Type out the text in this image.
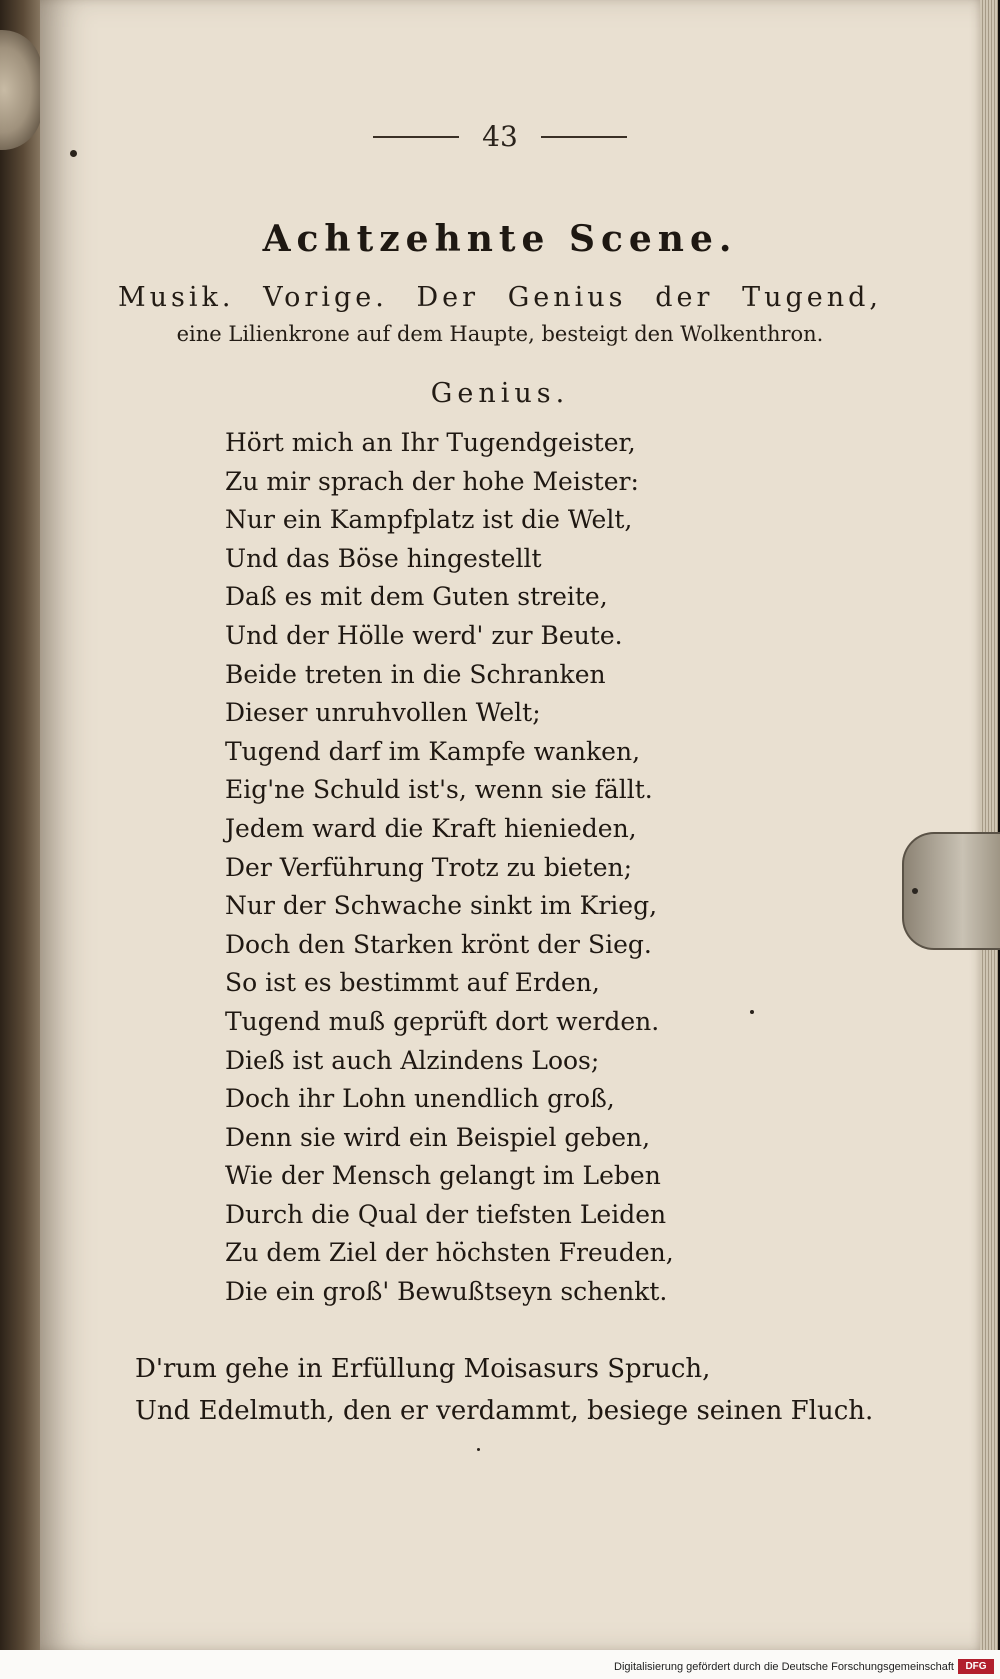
43
Achtzehnte Scene.
Musik. Vorige. Der Genius der Tugend,
eine Lilienkrone auf dem Haupte, besteigt den Wolkenthron.
Genius.
Hört mich an Ihr Tugendgeister,
Zu mir sprach der hohe Meister:
Nur ein Kampfplatz ist die Welt,
Und das Böse hingestellt
Daß es mit dem Guten streite,
Und der Hölle werd' zur Beute.
Beide treten in die Schranken
Dieser unruhvollen Welt;
Tugend darf im Kampfe wanken,
Eig'ne Schuld ist's, wenn sie fällt.
Jedem ward die Kraft hienieden,
Der Verführung Trotz zu bieten;
Nur der Schwache sinkt im Krieg,
Doch den Starken krönt der Sieg.
So ist es bestimmt auf Erden,
Tugend muß geprüft dort werden.
Dieß ist auch Alzindens Loos;
Doch ihr Lohn unendlich groß,
Denn sie wird ein Beispiel geben,
Wie der Mensch gelangt im Leben
Durch die Qual der tiefsten Leiden
Zu dem Ziel der höchsten Freuden,
Die ein groß' Bewußtseyn schenkt.
D'rum gehe in Erfüllung Moisasurs Spruch,
Und Edelmuth, den er verdammt, besiege seinen Fluch.
Digitalisierung gefördert durch die Deutsche Forschungsgemeinschaft	DFG
